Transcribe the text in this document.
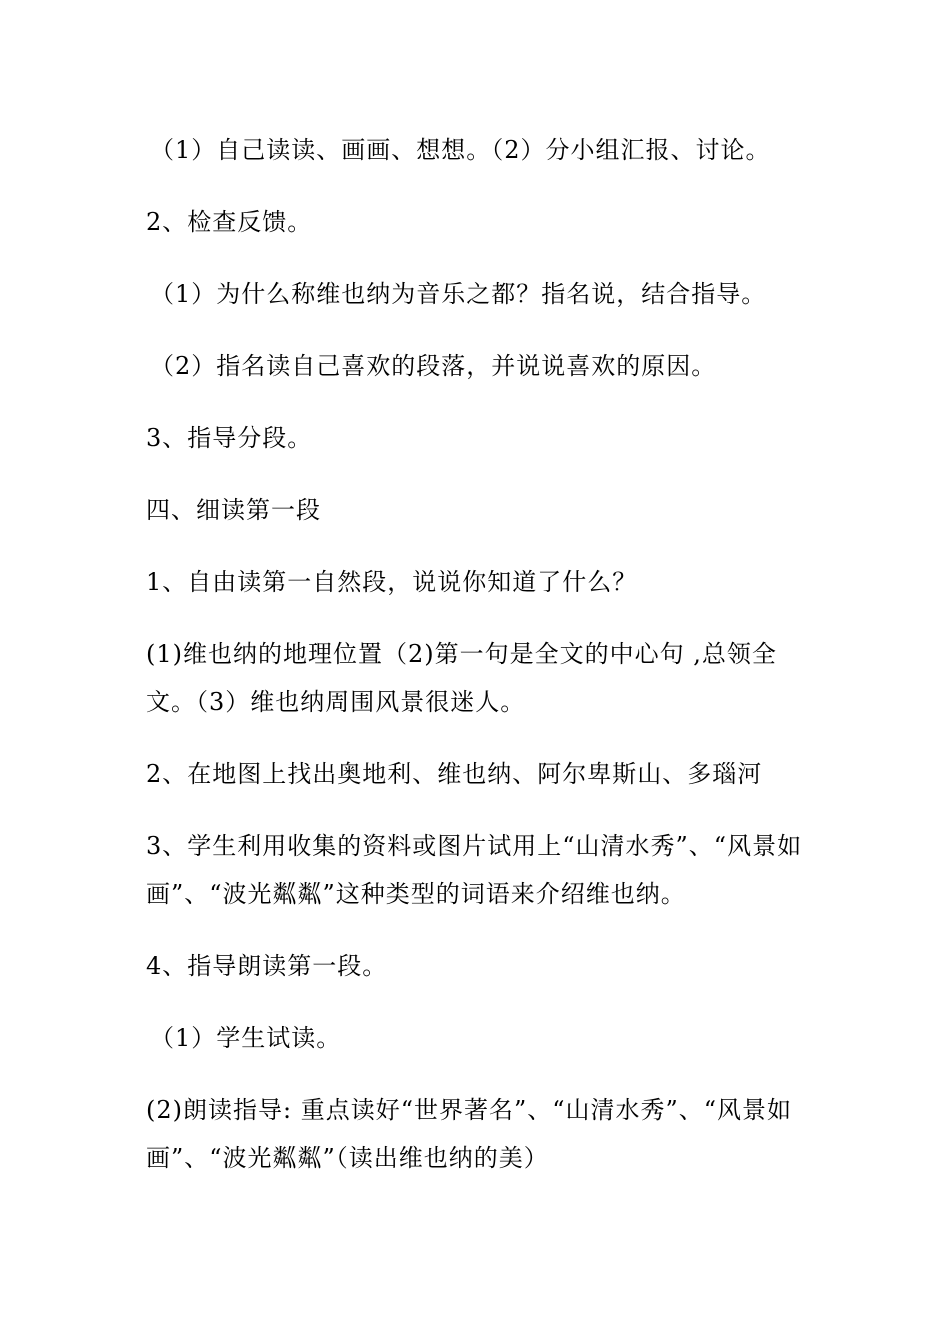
（1）自己读读、画画、想想。（2）分小组汇报、讨论。
2、检查反馈。
（1）为什么称维也纳为音乐之都？指名说，结合指导。
（2）指名读自己喜欢的段落，并说说喜欢的原因。
3、指导分段。
四、细读第一段
1、自由读第一自然段，说说你知道了什么？
(1)维也纳的地理位置（2)第一句是全文的中心句 ,总领全文。（3）维也纳周围风景很迷人。
2、在地图上找出奥地利、维也纳、阿尔卑斯山、多瑙河
3、学生利用收集的资料或图片试用上“山清水秀”、“风景如画”、“波光粼粼”这种类型的词语来介绍维也纳。
4、指导朗读第一段。
（1）学生试读。
(2)朗读指导: 重点读好“世界著名”、“山清水秀”、“风景如画”、“波光粼粼”（读出维也纳的美）
